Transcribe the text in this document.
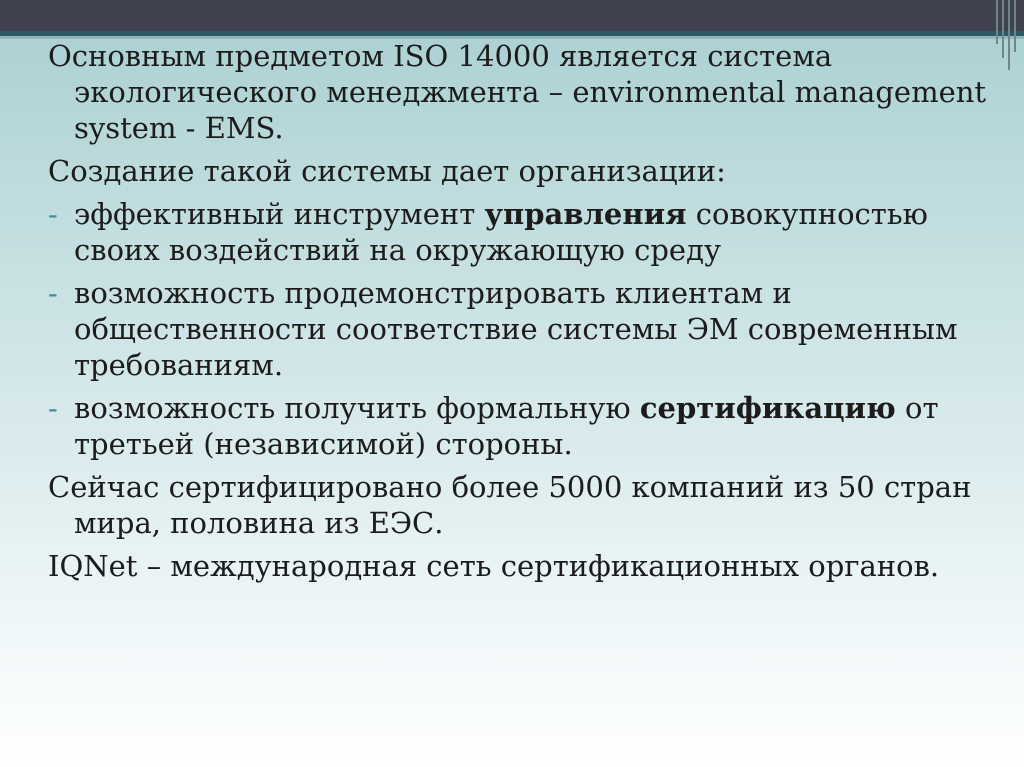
Основным предметом ISO 14000 является система экологического менеджмента – environmental management system - EMS.
Создание такой системы дает организации:
- эффективный инструмент управления совокупностью своих воздействий на окружающую среду
- возможность продемонстрировать клиентам и общественности соответствие системы ЭМ современным требованиям.
- возможность получить формальную сертификацию от третьей (независимой) стороны.
Сейчас сертифицировано более 5000 компаний из 50 стран мира, половина из ЕЭС.
IQNet – международная сеть сертификационных органов.
